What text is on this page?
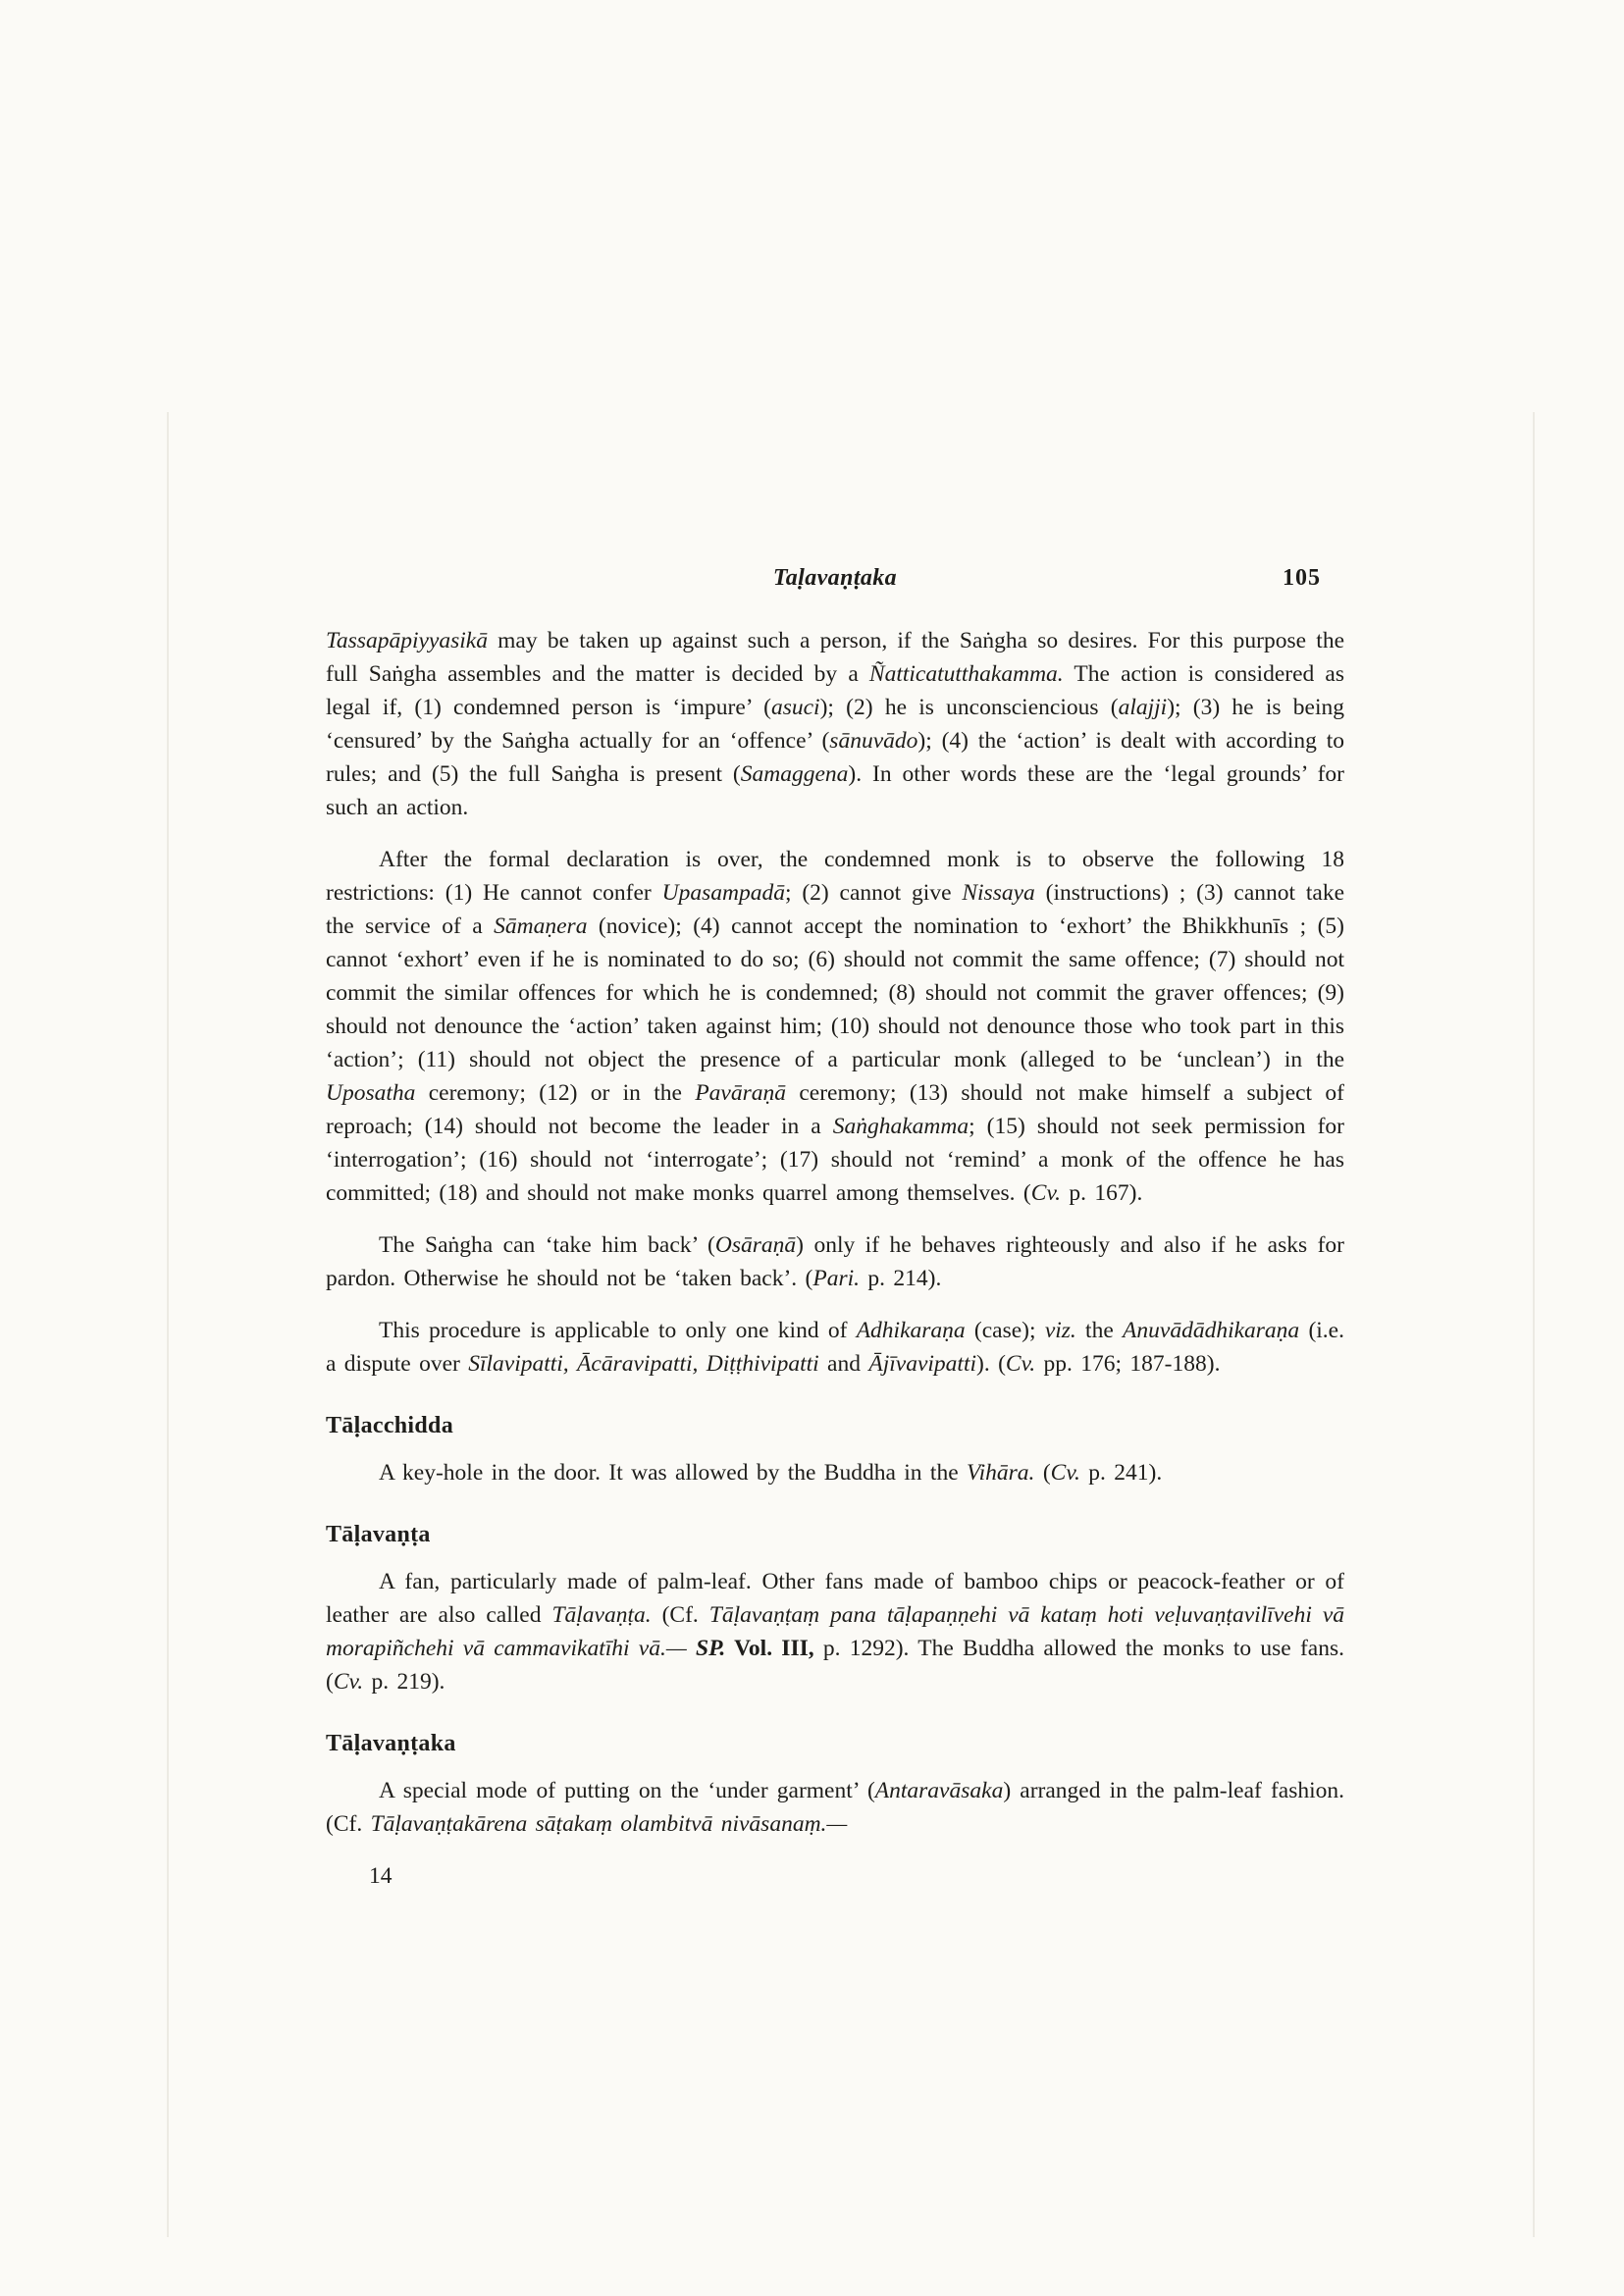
Taḷavaṇṭaka	105

Tassapāpiyyasikā may be taken up against such a person, if the Saṅgha so desires. For this purpose the full Saṅgha assembles and the matter is decided by a Ñatticatutthakamma. The action is considered as legal if, (1) condemned person is ‘impure’ (asuci); (2) he is unconsciencious (alajji); (3) he is being ‘censured’ by the Saṅgha actually for an ‘offence’ (sānuvādo); (4) the ‘action’ is dealt with according to rules; and (5) the full Saṅgha is present (Samaggena). In other words these are the ‘legal grounds’ for such an action.

After the formal declaration is over, the condemned monk is to observe the following 18 restrictions: (1) He cannot confer Upasampadā; (2) cannot give Nissaya (instructions) ; (3) cannot take the service of a Sāmaṇera (novice); (4) cannot accept the nomination to ‘exhort’ the Bhikkhunīs ; (5) cannot ‘exhort’ even if he is nominated to do so; (6) should not commit the same offence; (7) should not commit the similar offences for which he is condemned; (8) should not commit the graver offences; (9) should not denounce the ‘action’ taken against him; (10) should not denounce those who took part in this ‘action’; (11) should not object the presence of a particular monk (alleged to be ‘unclean’) in the Uposatha ceremony; (12) or in the Pavāraṇā ceremony; (13) should not make himself a subject of reproach; (14) should not become the leader in a Saṅghakamma; (15) should not seek permission for ‘interrogation’; (16) should not ‘interrogate’; (17) should not ‘remind’ a monk of the offence he has committed; (18) and should not make monks quarrel among themselves. (Cv. p. 167).

The Saṅgha can ‘take him back’ (Osāraṇā) only if he behaves righteously and also if he asks for pardon. Otherwise he should not be ‘taken back’. (Pari. p. 214).

This procedure is applicable to only one kind of Adhikaraṇa (case); viz. the Anuvādādhikaraṇa (i.e. a dispute over Sīlavipatti, Ācāravipatti, Diṭṭhivipatti and Ājīvavipatti). (Cv. pp. 176; 187-188).

Tāḷacchidda

A key-hole in the door. It was allowed by the Buddha in the Vihāra. (Cv. p. 241).

Tāḷavaṇṭa

A fan, particularly made of palm-leaf. Other fans made of bamboo chips or peacock-feather or of leather are also called Tāḷavaṇṭa. (Cf. Tāḷavaṇṭaṃ pana tāḷapaṇṇehi vā kataṃ hoti veḷuvaṇṭavilīvehi vā morapiñchehi vā cammavikatīhi vā.— SP. Vol. III, p. 1292). The Buddha allowed the monks to use fans. (Cv. p. 219).

Tāḷavaṇṭaka

A special mode of putting on the ‘under garment’ (Antaravāsaka) arranged in the palm-leaf fashion. (Cf. Tāḷavaṇṭakārena sāṭakaṃ olambitvā nivāsanaṃ.—

14
